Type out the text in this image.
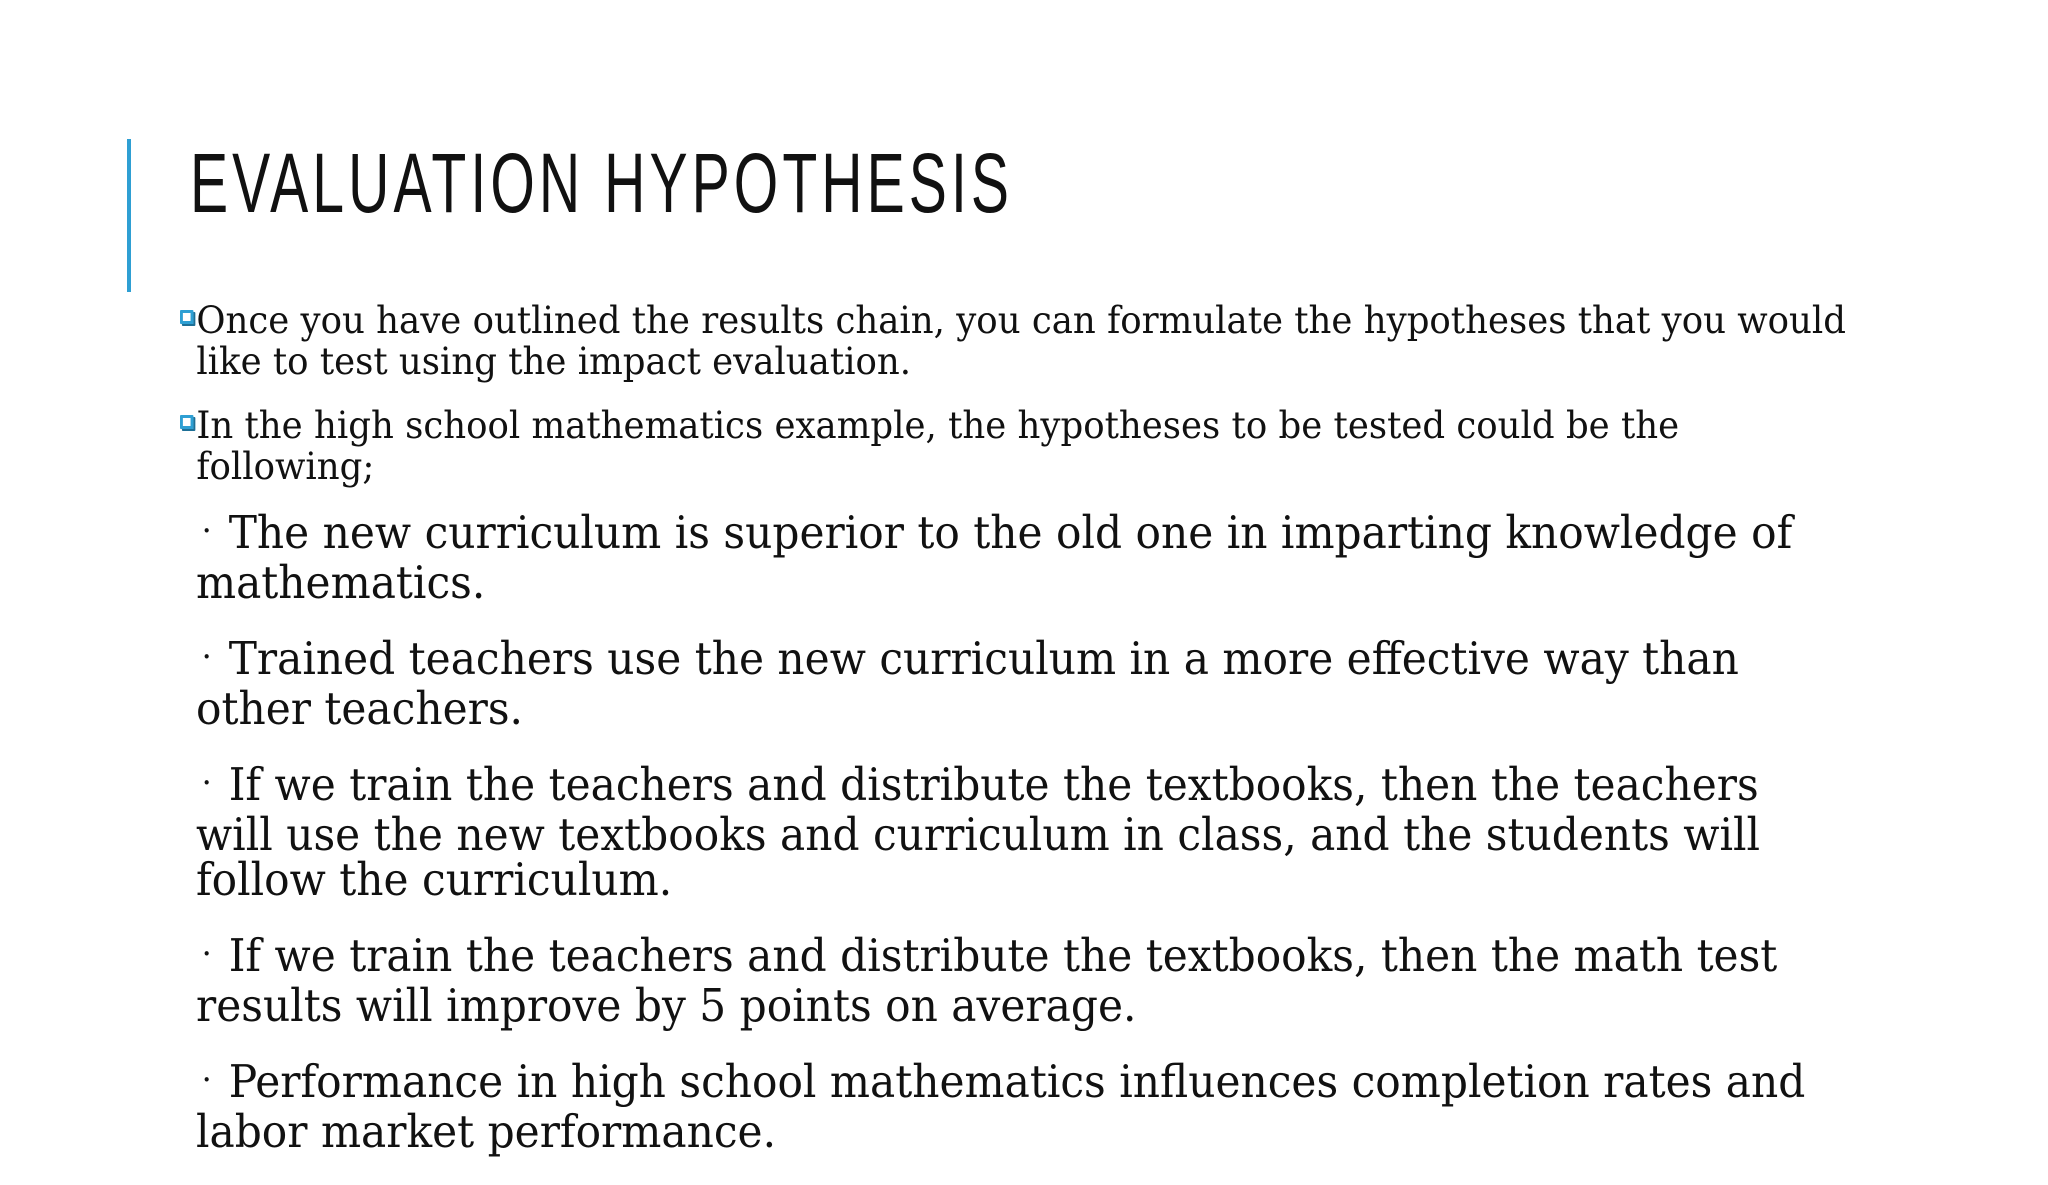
EVALUATION HYPOTHESIS
Once you have outlined the results chain, you can formulate the hypotheses that you would like to test using the impact evaluation.
In the high school mathematics example, the hypotheses to be tested could be the following;
· The new curriculum is superior to the old one in imparting knowledge of mathematics.
· Trained teachers use the new curriculum in a more effective way than other teachers.
· If we train the teachers and distribute the textbooks, then the teachers will use the new textbooks and curriculum in class, and the students will follow the curriculum.
· If we train the teachers and distribute the textbooks, then the math test results will improve by 5 points on average.
· Performance in high school mathematics influences completion rates and labor market performance.
